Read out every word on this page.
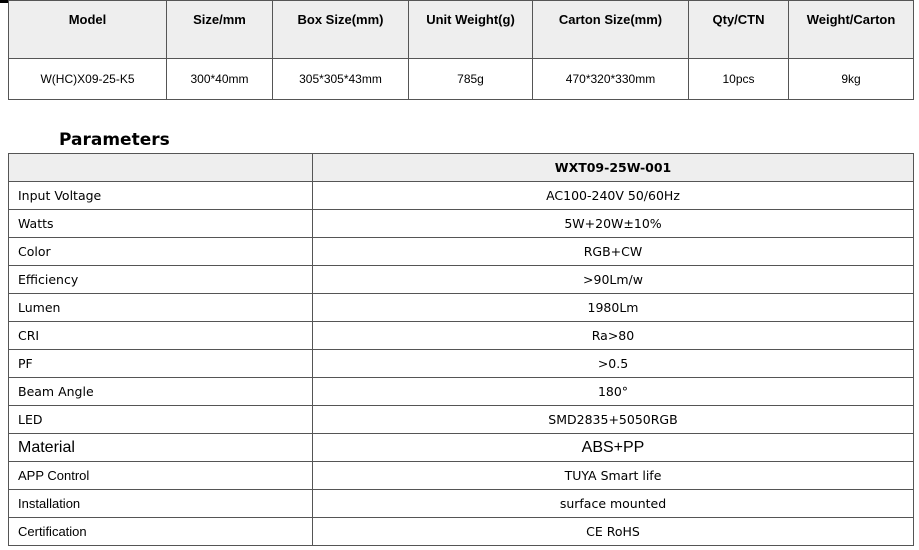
Model	Size/mm	Box Size(mm)	Unit Weight(g)	Carton Size(mm)	Qty/CTN	Weight/Carton
W(HC)X09-25-K5	300*40mm	305*305*43mm	785g	470*320*330mm	10pcs	9kg
Parameters
	WXT09-25W-001
Input Voltage	AC100-240V 50/60Hz
Watts	5W+20W±10%
Color	RGB+CW
Efficiency	>90Lm/w
Lumen	1980Lm
CRI	Ra>80
PF	>0.5
Beam Angle	180°
LED	SMD2835+5050RGB
Material	ABS+PP
APP Control	TUYA Smart life
Installation	surface mounted
Certification	CE RoHS
